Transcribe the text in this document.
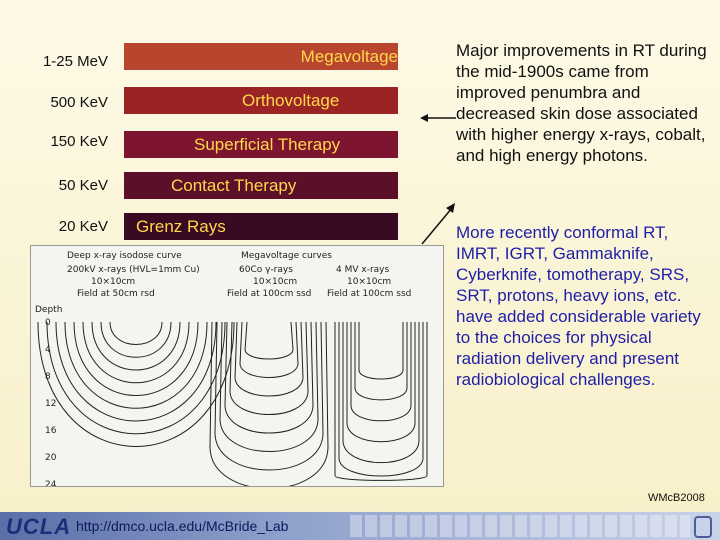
1-25 MeV	Megavoltage
500 KeV	Orthovoltage
150 KeV	Superficial Therapy
50 KeV	Contact Therapy
20 KeV Grenz Rays
Deep x-ray isodose curve	Megavoltage curves
200kV x-rays (HVL=1mm Cu)
10×10cm
Field at 50cm rsd
60Co γ-rays
10×10cm
Field at 100cm ssd
4 MV x-rays
10×10cm
Field at 100cm ssd
Depth
0
4
8
12
16
20
24
Major improvements in RT during the mid-1900s came from improved penumbra and decreased skin dose associated with higher energy x-rays, cobalt, and high energy photons.
More recently conformal RT, IMRT, IGRT, Gammaknife, Cyberknife, tomotherapy, SRS, SRT, protons, heavy ions, etc. have added considerable variety to the choices for physical radiation delivery and present radiobiological challenges.
WMcB2008
UCLA http://dmco.ucla.edu/McBride_Lab
